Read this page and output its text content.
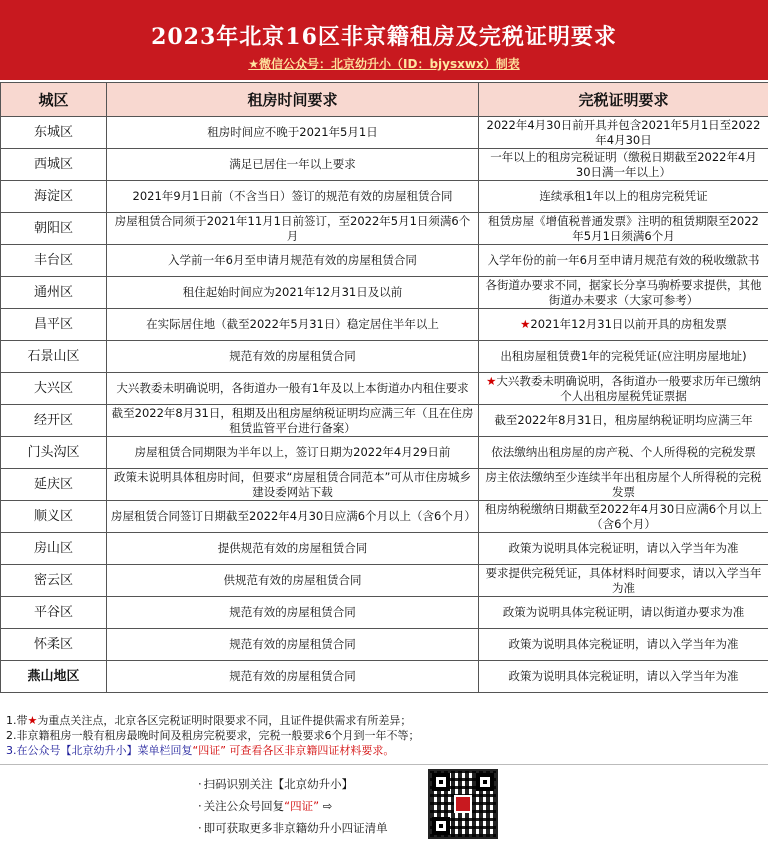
2023年北京16区非京籍租房及完税证明要求
★微信公众号：北京幼升小（ID：bjysxwx）制表
城区	租房时间要求	完税证明要求
东城区	租房时间应不晚于2021年5月1日	2022年4月30日前开具并包含2021年5月1日至2022年4月30日
西城区	满足已居住一年以上要求	一年以上的租房完税证明（缴税日期截至2022年4月30日满一年以上）
海淀区	2021年9月1日前（不含当日）签订的规范有效的房屋租赁合同	连续承租1年以上的租房完税凭证
朝阳区	房屋租赁合同须于2021年11月1日前签订，至2022年5月1日须满6个月	租赁房屋《增值税普通发票》注明的租赁期限至2022年5月1日须满6个月
丰台区	入学前一年6月至申请月规范有效的房屋租赁合同	入学年份的前一年6月至申请月规范有效的税收缴款书
通州区	租住起始时间应为2021年12月31日及以前	各街道办要求不同，据家长分享马驹桥要求提供，其他街道办未要求（大家可参考）
昌平区	在实际居住地（截至2022年5月31日）稳定居住半年以上	★2021年12月31日以前开具的房租发票
石景山区	规范有效的房屋租赁合同	出租房屋租赁费1年的完税凭证(应注明房屋地址)
大兴区	大兴教委未明确说明，各街道办一般有1年及以上本街道办内租住要求	★大兴教委未明确说明，各街道办一般要求历年已缴纳个人出租房屋税凭证票据
经开区	截至2022年8月31日，租期及出租房屋纳税证明均应满三年（且在住房租赁监管平台进行备案）	截至2022年8月31日，租房屋纳税证明均应满三年
门头沟区	房屋租赁合同期限为半年以上，签订日期为2022年4月29日前	依法缴纳出租房屋的房产税、个人所得税的完税发票
延庆区	政策未说明具体租房时间，但要求“房屋租赁合同范本”可从市住房城乡建设委网站下载	房主依法缴纳至少连续半年出租房屋个人所得税的完税发票
顺义区	房屋租赁合同签订日期截至2022年4月30日应满6个月以上（含6个月）	租房纳税缴纳日期截至2022年4月30日应满6个月以上（含6个月）
房山区	提供规范有效的房屋租赁合同	政策为说明具体完税证明，请以入学当年为准
密云区	供规范有效的房屋租赁合同	要求提供完税凭证，具体材料时间要求，请以入学当年为准
平谷区	规范有效的房屋租赁合同	政策为说明具体完税证明，请以街道办要求为准
怀柔区	规范有效的房屋租赁合同	政策为说明具体完税证明，请以入学当年为准
燕山地区	规范有效的房屋租赁合同	政策为说明具体完税证明，请以入学当年为准
1.带★为重点关注点，北京各区完税证明时限要求不同，且证件提供需求有所差异；
2.非京籍租房一般有租房最晚时间及租房完税要求，完税一般要求6个月到一年不等；
3.在公众号【北京幼升小】菜单栏回复“四证” 可查看各区非京籍四证材料要求。
· 扫码识别关注【北京幼升小】
· 关注公众号回复“四证” ⇨
· 即可获取更多非京籍幼升小四证清单
